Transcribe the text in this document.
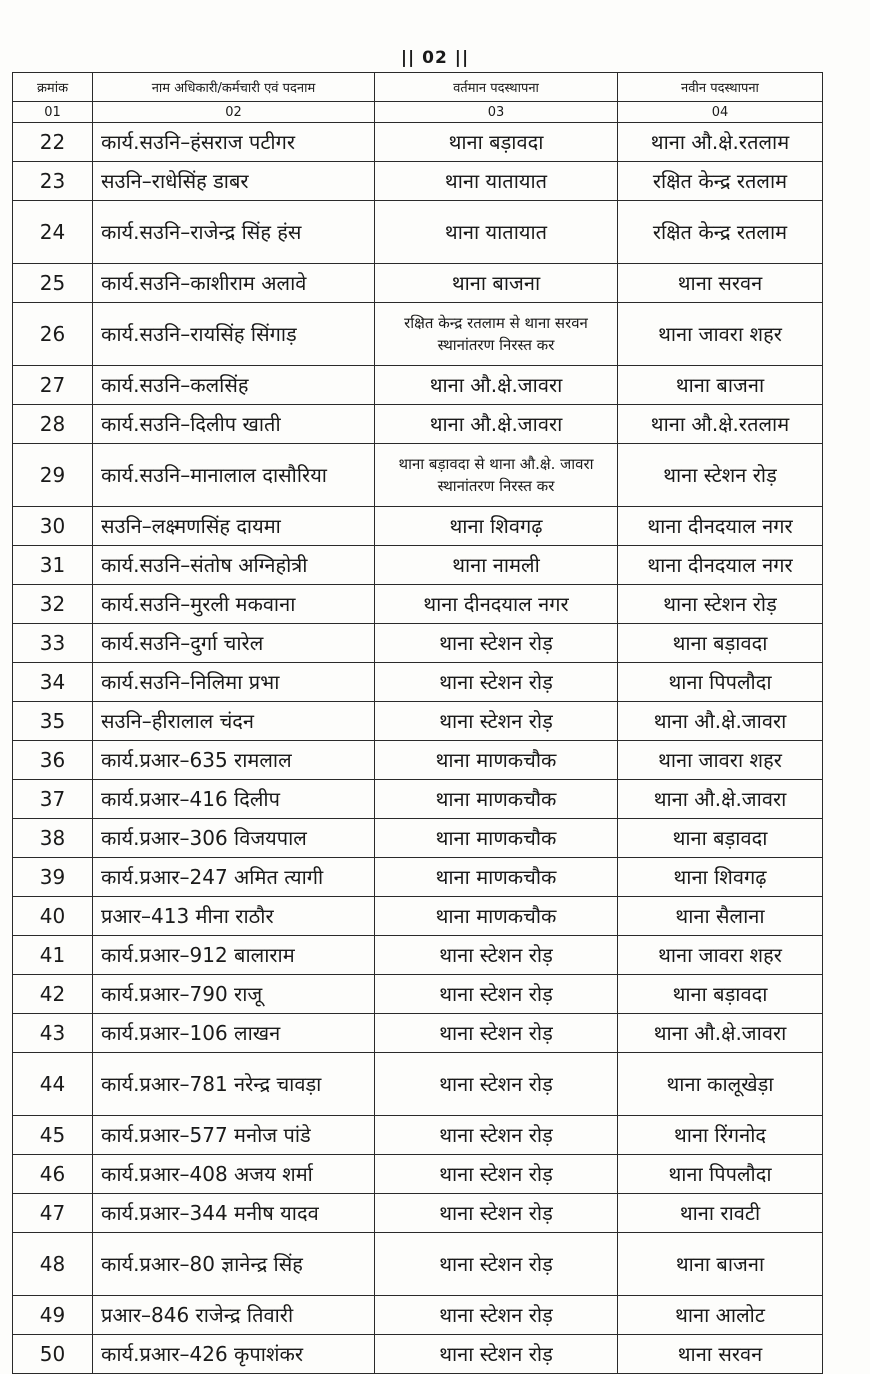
|| 02 ||
क्रमांक	नाम अधिकारी/कर्मचारी एवं पदनाम	वर्तमान पदस्थापना	नवीन पदस्थापना
01	02	03	04
22	कार्य.सउनि–हंसराज पटीगर	थाना बड़ावदा	थाना औ.क्षे.रतलाम
23	सउनि–राधेसिंह डाबर	थाना यातायात	रक्षित केन्द्र रतलाम
24	कार्य.सउनि–राजेन्द्र सिंह हंस	थाना यातायात	रक्षित केन्द्र रतलाम
25	कार्य.सउनि–काशीराम अलावे	थाना बाजना	थाना सरवन
26	कार्य.सउनि–रायसिंह सिंगाड़	रक्षित केन्द्र रतलाम से थाना सरवन स्थानांतरण निरस्त कर	थाना जावरा शहर
27	कार्य.सउनि–कलसिंह	थाना औ.क्षे.जावरा	थाना बाजना
28	कार्य.सउनि–दिलीप खाती	थाना औ.क्षे.जावरा	थाना औ.क्षे.रतलाम
29	कार्य.सउनि–मानालाल दासौरिया	थाना बड़ावदा से थाना औ.क्षे. जावरा स्थानांतरण निरस्त कर	थाना स्टेशन रोड़
30	सउनि–लक्ष्मणसिंह दायमा	थाना शिवगढ़	थाना दीनदयाल नगर
31	कार्य.सउनि–संतोष अग्निहोत्री	थाना नामली	थाना दीनदयाल नगर
32	कार्य.सउनि–मुरली मकवाना	थाना दीनदयाल नगर	थाना स्टेशन रोड़
33	कार्य.सउनि–दुर्गा चारेल	थाना स्टेशन रोड़	थाना बड़ावदा
34	कार्य.सउनि–निलिमा प्रभा	थाना स्टेशन रोड़	थाना पिपलौदा
35	सउनि–हीरालाल चंदन	थाना स्टेशन रोड़	थाना औ.क्षे.जावरा
36	कार्य.प्रआर–635 रामलाल	थाना माणकचौक	थाना जावरा शहर
37	कार्य.प्रआर–416 दिलीप	थाना माणकचौक	थाना औ.क्षे.जावरा
38	कार्य.प्रआर–306 विजयपाल	थाना माणकचौक	थाना बड़ावदा
39	कार्य.प्रआर–247 अमित त्यागी	थाना माणकचौक	थाना शिवगढ़
40	प्रआर–413 मीना राठौर	थाना माणकचौक	थाना सैलाना
41	कार्य.प्रआर–912 बालाराम	थाना स्टेशन रोड़	थाना जावरा शहर
42	कार्य.प्रआर–790 राजू	थाना स्टेशन रोड़	थाना बड़ावदा
43	कार्य.प्रआर–106 लाखन	थाना स्टेशन रोड़	थाना औ.क्षे.जावरा
44	कार्य.प्रआर–781 नरेन्द्र चावड़ा	थाना स्टेशन रोड़	थाना कालूखेड़ा
45	कार्य.प्रआर–577 मनोज पांडे	थाना स्टेशन रोड़	थाना रिंगनोद
46	कार्य.प्रआर–408 अजय शर्मा	थाना स्टेशन रोड़	थाना पिपलौदा
47	कार्य.प्रआर–344 मनीष यादव	थाना स्टेशन रोड़	थाना रावटी
48	कार्य.प्रआर–80 ज्ञानेन्द्र सिंह	थाना स्टेशन रोड़	थाना बाजना
49	प्रआर–846 राजेन्द्र तिवारी	थाना स्टेशन रोड़	थाना आलोट
50	कार्य.प्रआर–426 कृपाशंकर	थाना स्टेशन रोड़	थाना सरवन
